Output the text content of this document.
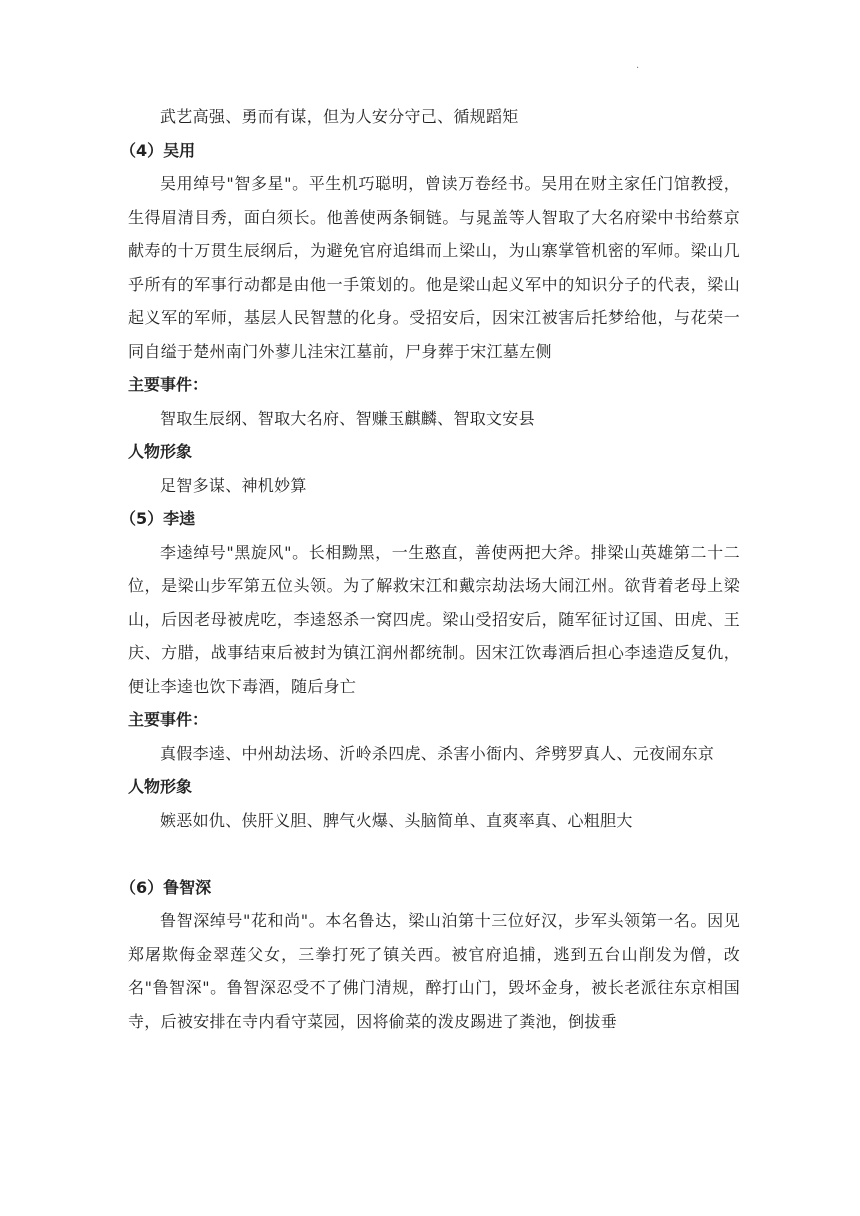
.

武艺高强、勇而有谋，但为人安分守己、循规蹈矩

（4）吴用

吴用绰号"智多星"。平生机巧聪明，曾读万卷经书。吴用在财主家任门馆教授，生得眉清目秀，面白须长。他善使两条铜链。与晁盖等人智取了大名府梁中书给蔡京献寿的十万贯生辰纲后，为避免官府追缉而上梁山，为山寨掌管机密的军师。梁山几乎所有的军事行动都是由他一手策划的。他是梁山起义军中的知识分子的代表，梁山起义军的军师，基层人民智慧的化身。受招安后，因宋江被害后托梦给他，与花荣一同自缢于楚州南门外蓼儿洼宋江墓前，尸身葬于宋江墓左侧

主要事件：

智取生辰纲、智取大名府、智赚玉麒麟、智取文安县

人物形象

足智多谋、神机妙算

（5）李逵

李逵绰号"黑旋风"。长相黝黑，一生憨直，善使两把大斧。排梁山英雄第二十二位，是梁山步军第五位头领。为了解救宋江和戴宗劫法场大闹江州。欲背着老母上梁山，后因老母被虎吃，李逵怒杀一窝四虎。梁山受招安后，随军征讨辽国、田虎、王庆、方腊，战事结束后被封为镇江润州都统制。因宋江饮毒酒后担心李逵造反复仇，便让李逵也饮下毒酒，随后身亡

主要事件：

真假李逵、中州劫法场、沂岭杀四虎、杀害小衙内、斧劈罗真人、元夜闹东京

人物形象

嫉恶如仇、侠肝义胆、脾气火爆、头脑简单、直爽率真、心粗胆大

（6）鲁智深

鲁智深绰号"花和尚"。本名鲁达，梁山泊第十三位好汉，步军头领第一名。因见郑屠欺侮金翠莲父女，三拳打死了镇关西。被官府追捕，逃到五台山削发为僧，改名"鲁智深"。鲁智深忍受不了佛门清规，醉打山门，毁坏金身，被长老派往东京相国寺，后被安排在寺内看守菜园，因将偷菜的泼皮踢进了粪池，倒拔垂
